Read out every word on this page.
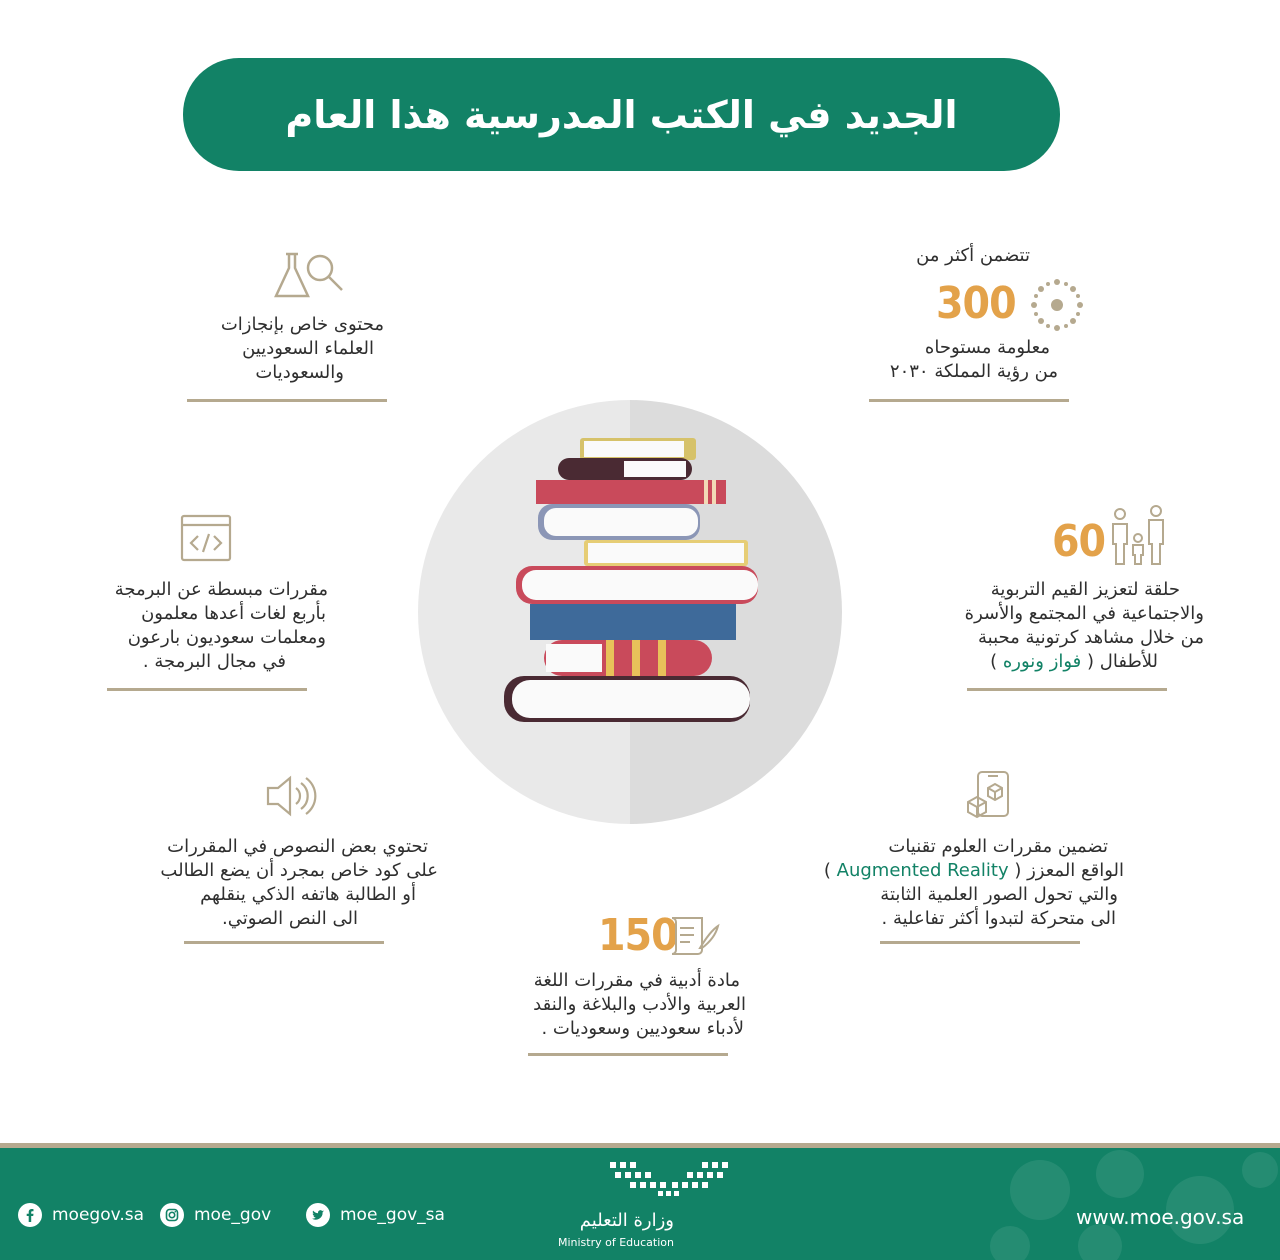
الجديد في الكتب المدرسية هذا العام
تتضمن أكثر من
300
معلومة مستوحاه
من رؤية المملكة ٢٠٣٠
محتوى خاص بإنجازات
العلماء السعوديين
والسعوديات
مقررات مبسطة عن البرمجة
بأربع لغات أعدها معلمون
ومعلمات سعوديون بارعون
في مجال البرمجة .
60
حلقة لتعزيز القيم التربوية
والاجتماعية في المجتمع والأسرة
من خلال مشاهد كرتونية محببة
للأطفال ( فواز ونوره )
تحتوي بعض النصوص في المقررات
على كود خاص بمجرد أن يضع الطالب
أو الطالبة هاتفه الذكي ينقلهم
الى النص الصوتي.
تضمين مقررات العلوم تقنيات
الواقع المعزز ( Augmented Reality )
والتي تحول الصور العلمية الثابتة
الى متحركة لتبدوا أكثر تفاعلية .
150
مادة أدبية في مقررات اللغة
العربية والأدب والبلاغة والنقد
لأدباء سعوديين وسعوديات .
moegov.sa	moe_gov	moe_gov_sa	وزارة التعليم
Ministry of Education
www.moe.gov.sa
